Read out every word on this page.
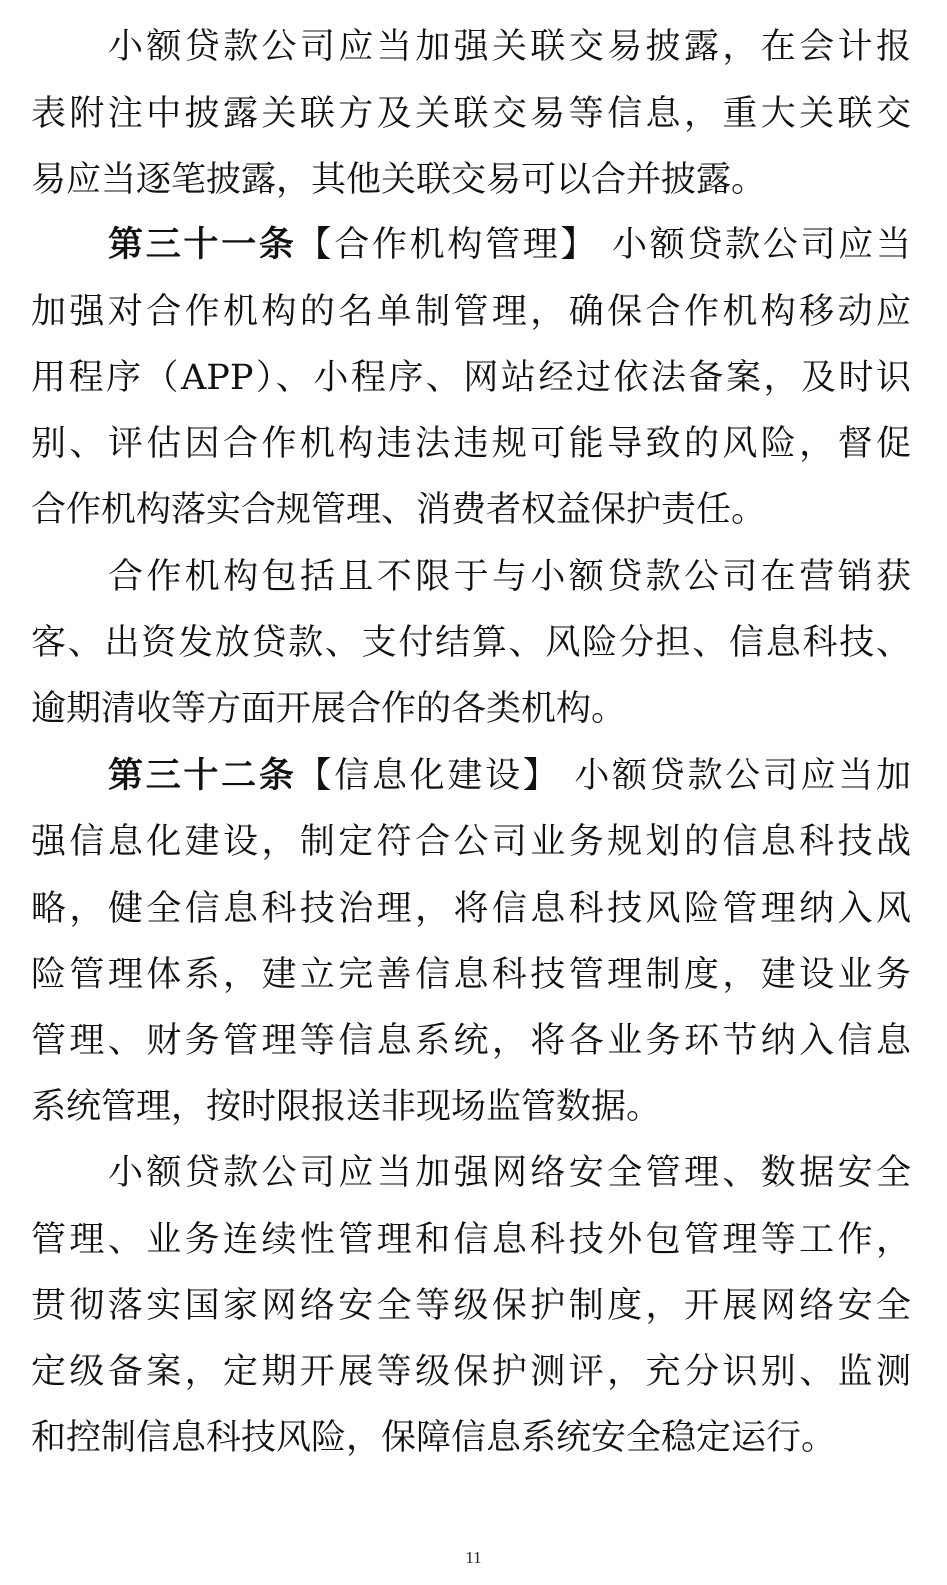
小额贷款公司应当加强关联交易披露，在会计报
表附注中披露关联方及关联交易等信息，重大关联交
易应当逐笔披露，其他关联交易可以合并披露。
第三十一条【合作机构管理】 小额贷款公司应当
加强对合作机构的名单制管理，确保合作机构移动应
用程序（APP）、小程序、网站经过依法备案，及时识
别、评估因合作机构违法违规可能导致的风险，督促
合作机构落实合规管理、消费者权益保护责任。
合作机构包括且不限于与小额贷款公司在营销获
客、出资发放贷款、支付结算、风险分担、信息科技、
逾期清收等方面开展合作的各类机构。
第三十二条【信息化建设】 小额贷款公司应当加
强信息化建设，制定符合公司业务规划的信息科技战
略，健全信息科技治理，将信息科技风险管理纳入风
险管理体系，建立完善信息科技管理制度，建设业务
管理、财务管理等信息系统，将各业务环节纳入信息
系统管理，按时限报送非现场监管数据。
小额贷款公司应当加强网络安全管理、数据安全
管理、业务连续性管理和信息科技外包管理等工作，
贯彻落实国家网络安全等级保护制度，开展网络安全
定级备案，定期开展等级保护测评，充分识别、监测
和控制信息科技风险，保障信息系统安全稳定运行。
11
